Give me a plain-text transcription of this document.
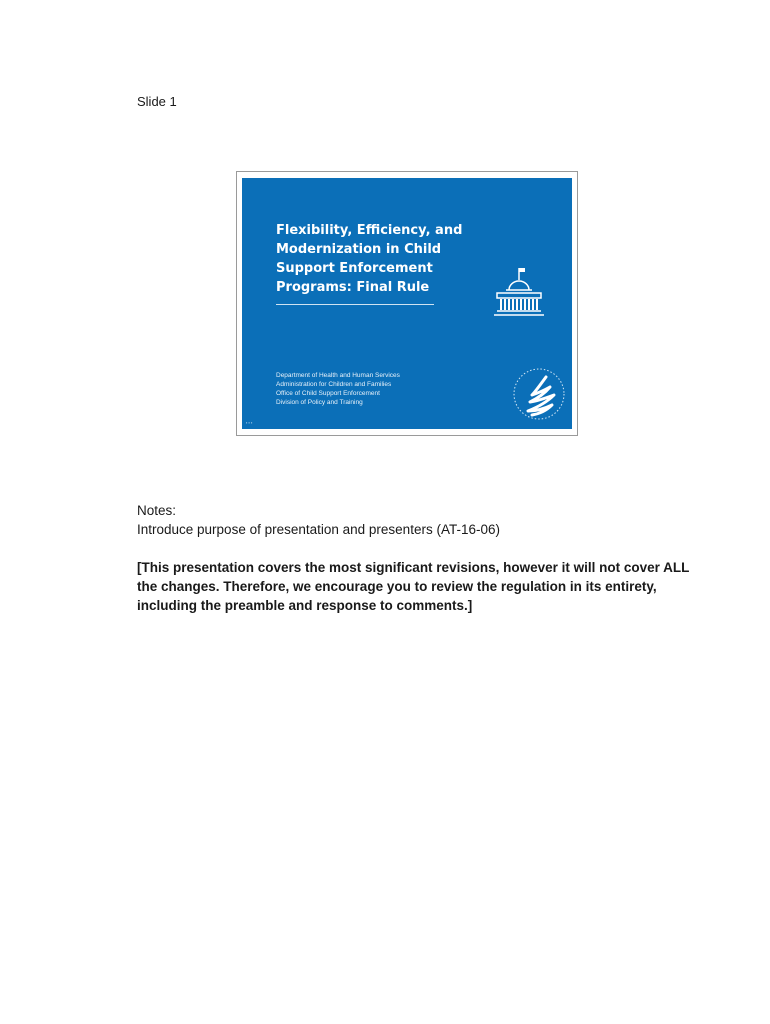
Slide 1
Flexibility, Efficiency, and
Modernization in Child
Support Enforcement
Programs: Final Rule
Department of Health and Human Services
Administration for Children and Families
Office of Child Support Enforcement
Division of Policy and Training
▪ ▪ ▪

Notes:

Introduce purpose of presentation and presenters (AT-16-06)

[This presentation covers the most significant revisions, however it will not cover ALL

the changes. Therefore, we encourage you to review the regulation in its entirety,

including the preamble and response to comments.]
